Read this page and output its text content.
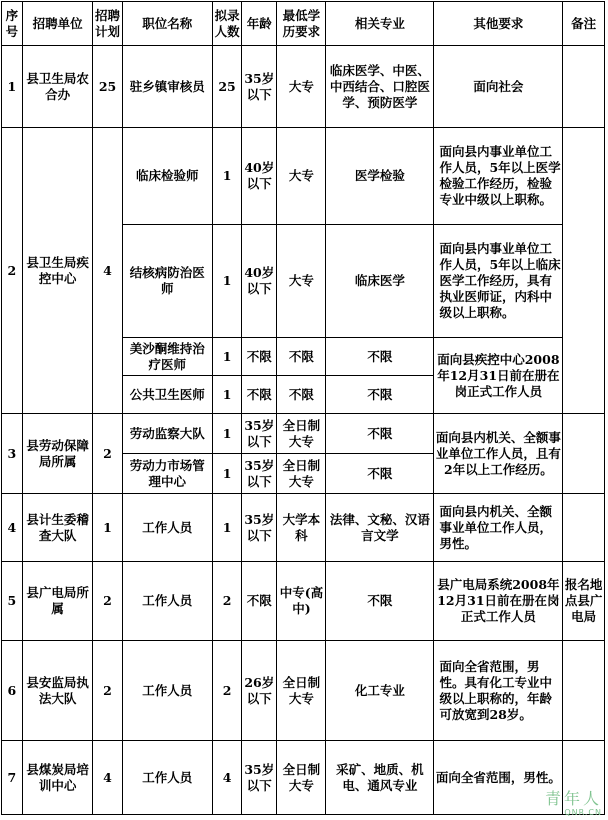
序号	招聘单位	招聘计划	职位名称	拟录人数	年龄	最低学历要求	相关专业	其他要求	备注
1	县卫生局农合办	25	驻乡镇审核员	25	35岁以下	大专	临床医学、中医、中西结合、口腔医学、预防医学	面向社会	
2	县卫生局疾控中心	4	临床检验师	1	40岁以下	大专	医学检验	面向县内事业单位工作人员，5年以上医学检验工作经历，检验专业中级以上职称。	
			结核病防治医师	1	40岁以下	大专	临床医学	面向县内事业单位工作人员，5年以上临床医学工作经历，具有执业医师证，内科中级以上职称。	
			美沙酮维持治疗医师	1	不限	不限	不限	面向县疾控中心2008年12月31日前在册在岗正式工作人员	
			公共卫生医师	1	不限	不限	不限		
3	县劳动保障局所属	2	劳动监察大队	1	35岁以下	全日制大专	不限	面向县内机关、全额事业单位工作人员，且有2年以上工作经历。	
			劳动力市场管理中心	1	35岁以下	全日制大专	不限		
4	县计生委稽查大队	1	工作人员	1	35岁以下	大学本科	法律、文秘、汉语言文学	面向县内机关、全额事业单位工作人员，男性。	
5	县广电局所属	2	工作人员	2	不限	中专(高中)	不限	县广电局系统2008年12月31日前在册在岗正式工作人员	报名地点县广电局
6	县安监局执法大队	2	工作人员	2	26岁以下	全日制大专	化工专业	面向全省范围，男性。具有化工专业中级以上职称的，年龄可放宽到28岁。	
7	县煤炭局培训中心	4	工作人员	4	35岁以下	全日制大专	采矿、地质、机电、通风专业	面向全省范围，男性。	
青年人
QNR.CN
